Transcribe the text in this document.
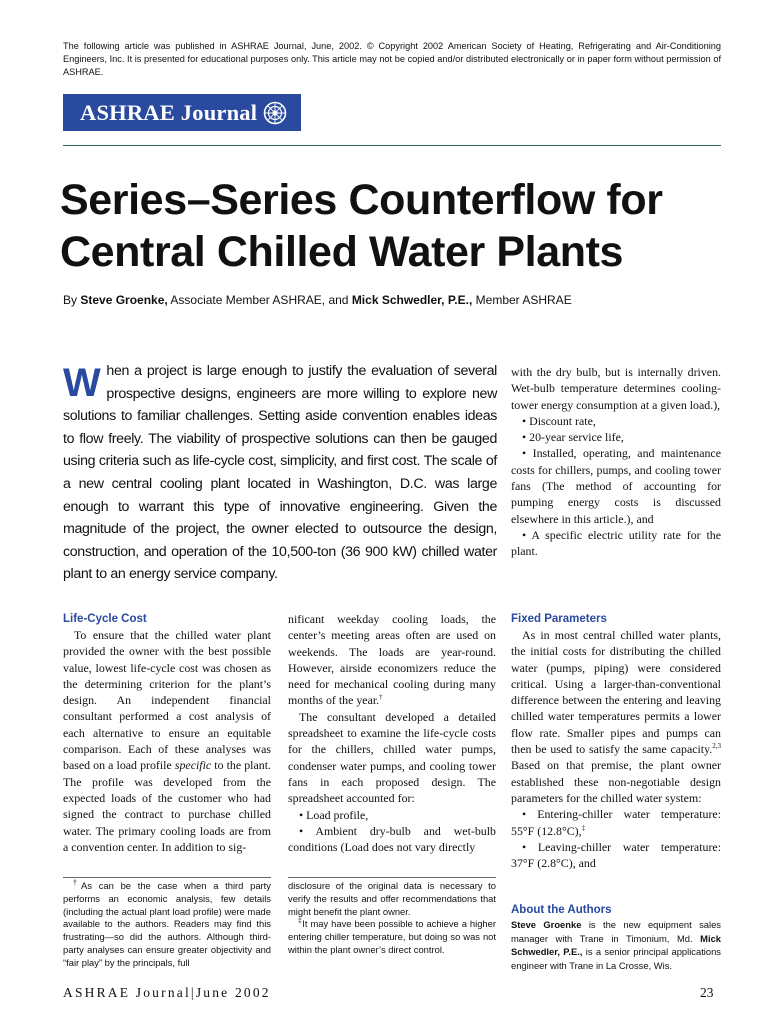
The following article was published in ASHRAE Journal, June, 2002. © Copyright 2002 American Society of Heating, Refrigerating and Air-Conditioning Engineers, Inc. It is presented for educational purposes only. This article may not be copied and/or distributed electronically or in paper form without permission of ASHRAE.
ASHRAE Journal
Series–Series Counterflow for
Central Chilled Water Plants
By Steve Groenke, Associate Member ASHRAE, and Mick Schwedler, P.E., Member ASHRAE
When a project is large enough to justify the evaluation of several prospective designs, engineers are more willing to explore new solutions to familiar challenges. Setting aside convention enables ideas to flow freely. The viability of prospective solutions can then be gauged using criteria such as life-cycle cost, simplicity, and first cost. The scale of a new central cooling plant located in Washington, D.C. was large enough to warrant this type of innovative engineering. Given the magnitude of the project, the owner elected to outsource the design, construction, and operation of the 10,500-ton (36 900 kW) chilled water plant to an energy service company.
Life-Cycle Cost

To ensure that the chilled water plant provided the owner with the best possible value, lowest life-cycle cost was chosen as the determining criterion for the plant’s design. An independent financial consultant performed a cost analysis of each alternative to ensure an equitable comparison. Each of these analyses was based on a load profile specific to the plant. The profile was developed from the expected loads of the customer who had signed the contract to purchase chilled water. The primary cooling loads are from a convention center. In addition to sig-

nificant weekday cooling loads, the center’s meeting areas often are used on weekends. The loads are year-round. However, airside economizers reduce the need for mechanical cooling during many months of the year.†

The consultant developed a detailed spreadsheet to examine the life-cycle costs for the chillers, chilled water pumps, condenser water pumps, and cooling tower fans in each proposed design. The spreadsheet accounted for:

• Load profile,

• Ambient dry-bulb and wet-bulb conditions (Load does not vary directly

with the dry bulb, but is internally driven. Wet-bulb temperature determines cooling-tower energy consumption at a given load.),

• Discount rate,

• 20-year service life,

• Installed, operating, and maintenance costs for chillers, pumps, and cooling tower fans (The method of accounting for pumping energy costs is discussed elsewhere in this article.), and

• A specific electric utility rate for the plant.

Fixed Parameters

As in most central chilled water plants, the initial costs for distributing the chilled water (pumps, piping) were considered critical. Using a larger-than-conventional difference between the entering and leaving chilled water temperatures permits a lower flow rate. Smaller pipes and pumps can then be used to satisfy the same capacity.$^{2,3}$ Based on that premise, the plant owner established these non-negotiable design parameters for the chilled water system:

• Entering-chiller water temperature: 55°F (12.8°C),‡

• Leaving-chiller water temperature: 37°F (2.8°C), and

†As can be the case when a third party performs an economic analysis, few details (including the actual plant load profile) were made available to the authors. Readers may find this frustrating—so did the authors. Although third-party analyses can ensure greater objectivity and “fair play” by the principals, full

disclosure of the original data is necessary to verify the results and offer recommendations that might benefit the plant owner.

‡It may have been possible to achieve a higher entering chiller temperature, but doing so was not within the plant owner’s direct control.

About the Authors

Steve Groenke is the new equipment sales manager with Trane in Timonium, Md. Mick Schwedler, P.E., is a senior principal applications engineer with Trane in La Crosse, Wis.

ASHRAE Journal|June 2002	23
